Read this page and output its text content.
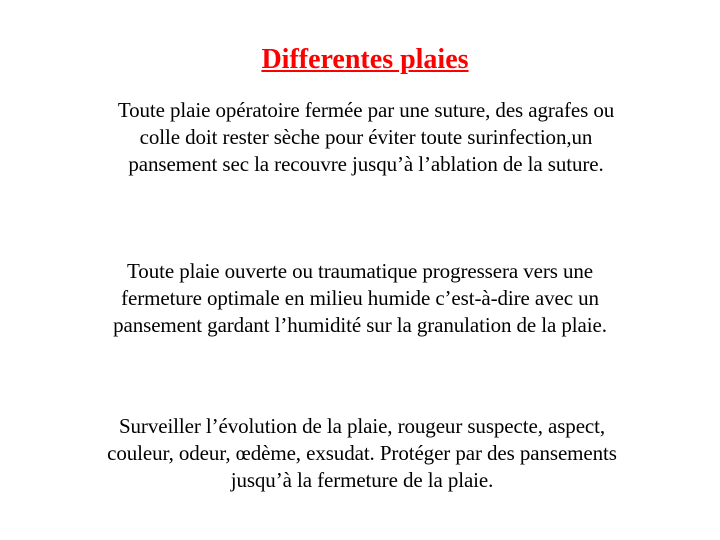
Differentes plaies

Toute plaie opératoire fermée par une suture, des agrafes ou colle doit rester sèche pour éviter toute surinfection,un pansement sec la recouvre jusqu’à l’ablation de la suture.

Toute plaie ouverte ou traumatique progressera vers une fermeture optimale en milieu humide c’est-à-dire avec un pansement gardant l’humidité sur la granulation de la plaie.

Surveiller l’évolution de la plaie, rougeur suspecte, aspect, couleur, odeur, œdème, exsudat. Protéger par des pansements jusqu’à la fermeture de la plaie.
